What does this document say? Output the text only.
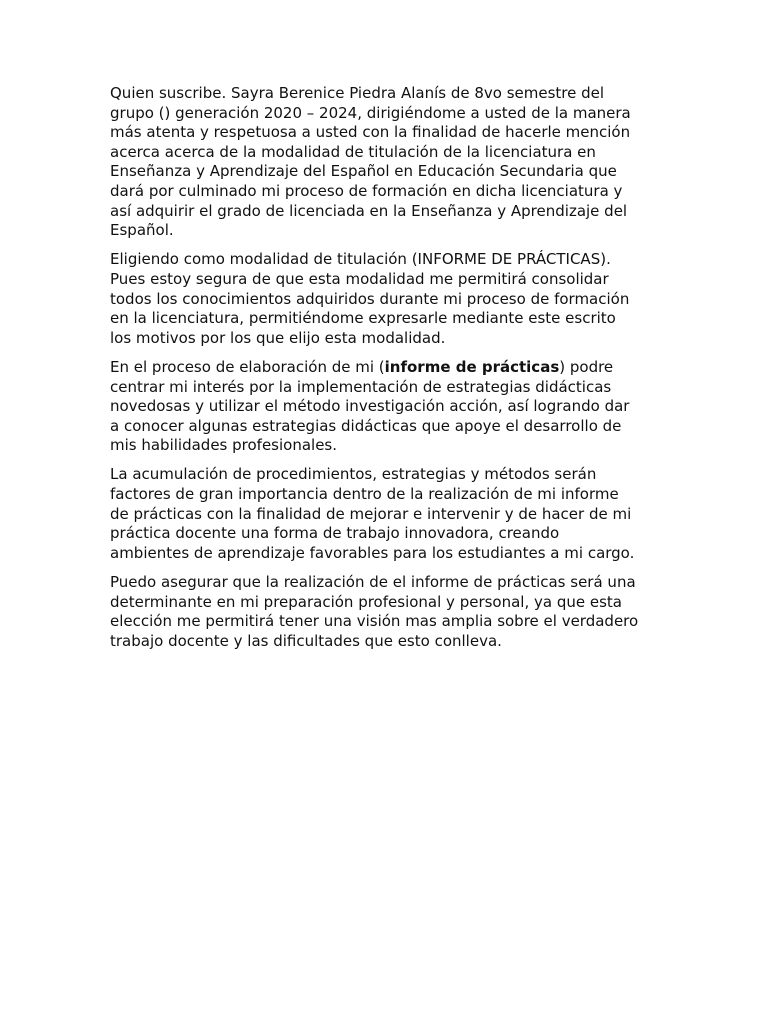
Quien suscribe. Sayra Berenice Piedra Alanís de 8vo semestre del
grupo () generación 2020 – 2024, dirigiéndome a usted de la manera
más atenta y respetuosa a usted con la finalidad de hacerle mención
acerca acerca de la modalidad de titulación de la licenciatura en
Enseñanza y Aprendizaje del Español en Educación Secundaria que
dará por culminado mi proceso de formación en dicha licenciatura y
así adquirir el grado de licenciada en la Enseñanza y Aprendizaje del
Español.

Eligiendo como modalidad de titulación (INFORME DE PRÁCTICAS).
Pues estoy segura de que esta modalidad me permitirá consolidar
todos los conocimientos adquiridos durante mi proceso de formación
en la licenciatura, permitiéndome expresarle mediante este escrito
los motivos por los que elijo esta modalidad.

En el proceso de elaboración de mi (informe de prácticas) podre
centrar mi interés por la implementación de estrategias didácticas
novedosas y utilizar el método investigación acción, así logrando dar
a conocer algunas estrategias didácticas que apoye el desarrollo de
mis habilidades profesionales.

La acumulación de procedimientos, estrategias y métodos serán
factores de gran importancia dentro de la realización de mi informe
de prácticas con la finalidad de mejorar e intervenir y de hacer de mi
práctica docente una forma de trabajo innovadora, creando
ambientes de aprendizaje favorables para los estudiantes a mi cargo.

Puedo asegurar que la realización de el informe de prácticas será una
determinante en mi preparación profesional y personal, ya que esta
elección me permitirá tener una visión mas amplia sobre el verdadero
trabajo docente y las dificultades que esto conlleva.
